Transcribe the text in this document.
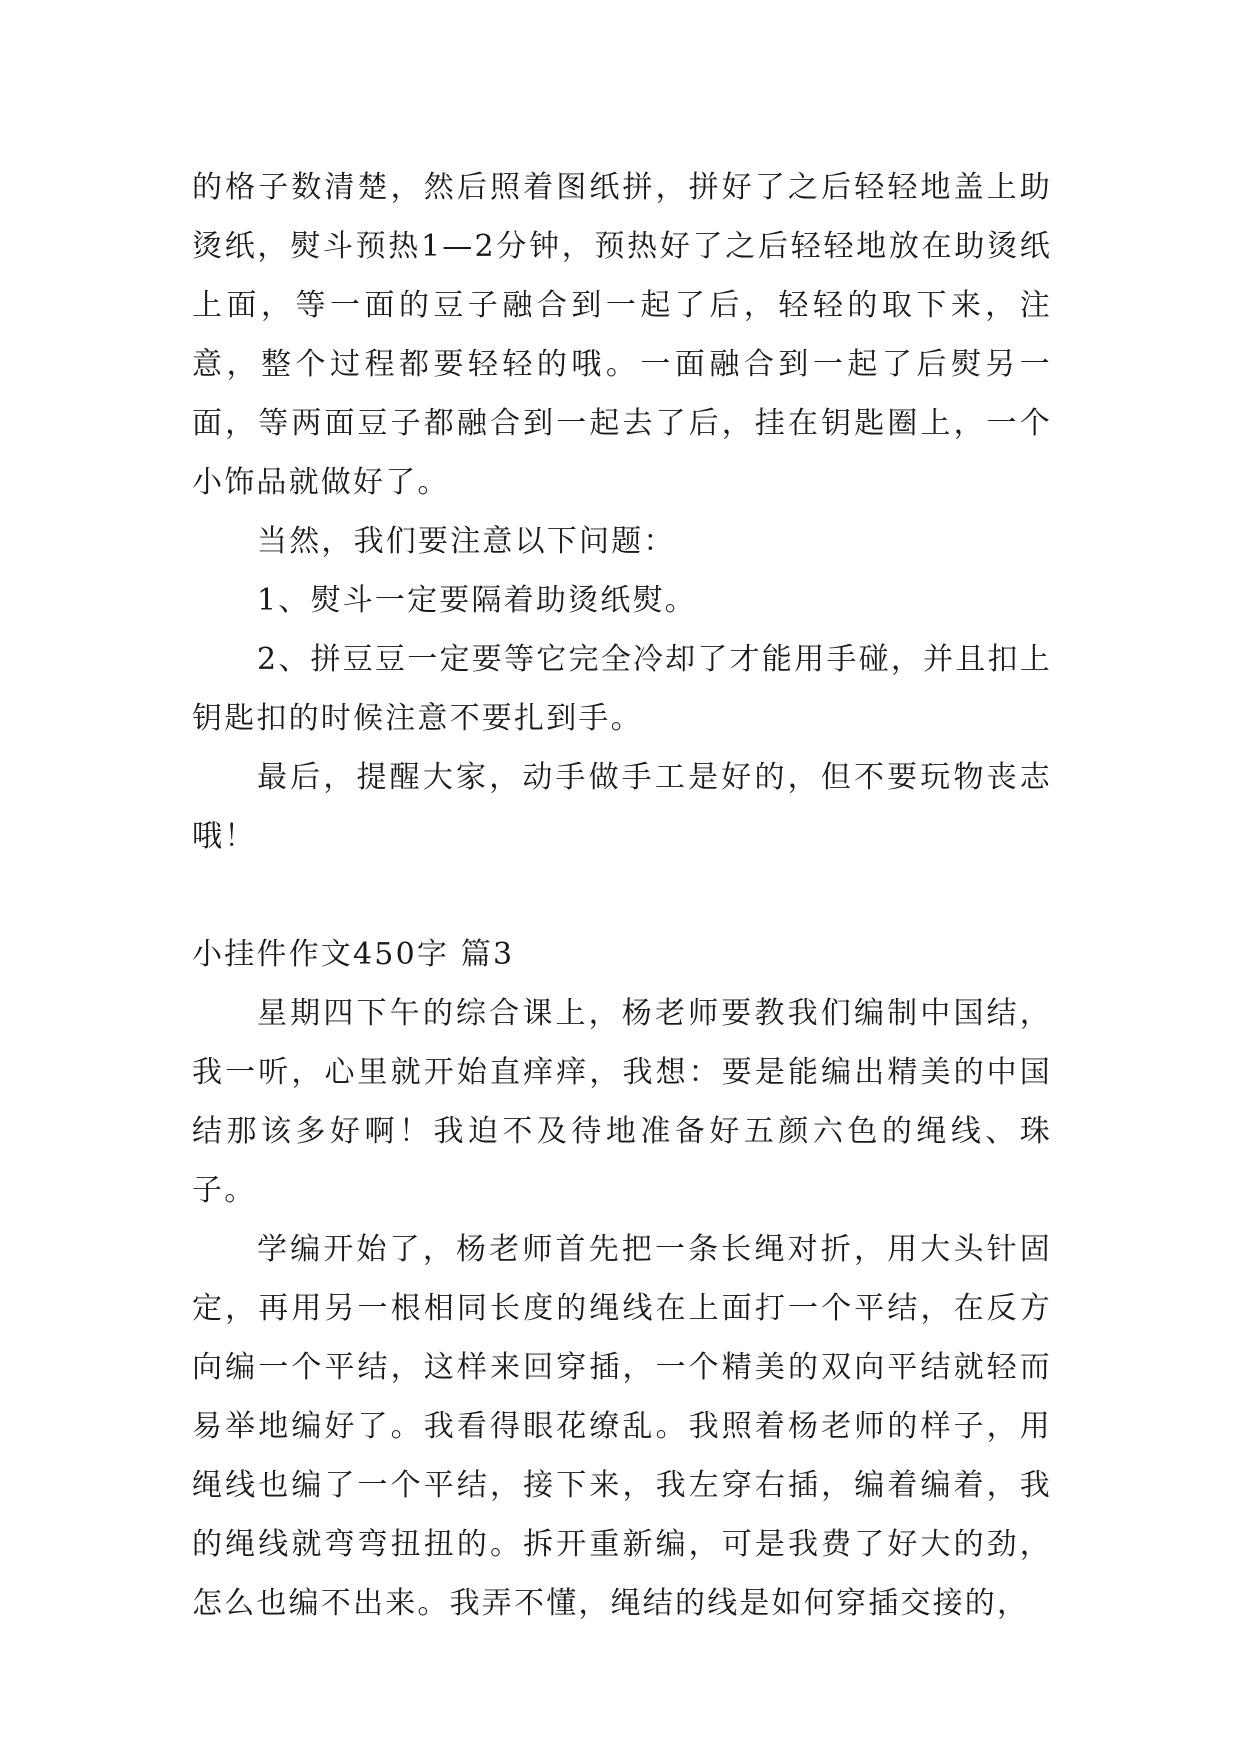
的格子数清楚，然后照着图纸拼，拼好了之后轻轻地盖上助烫纸，熨斗预热1—2分钟，预热好了之后轻轻地放在助烫纸上面，等一面的豆子融合到一起了后，轻轻的取下来，注意，整个过程都要轻轻的哦。一面融合到一起了后熨另一面，等两面豆子都融合到一起去了后，挂在钥匙圈上，一个小饰品就做好了。

当然，我们要注意以下问题：

1、熨斗一定要隔着助烫纸熨。

2、拼豆豆一定要等它完全冷却了才能用手碰，并且扣上钥匙扣的时候注意不要扎到手。

最后，提醒大家，动手做手工是好的，但不要玩物丧志哦！

小挂件作文450字 篇3

星期四下午的综合课上，杨老师要教我们编制中国结，我一听，心里就开始直痒痒，我想：要是能编出精美的中国结那该多好啊！我迫不及待地准备好五颜六色的绳线、珠子。

学编开始了，杨老师首先把一条长绳对折，用大头针固定，再用另一根相同长度的绳线在上面打一个平结，在反方向编一个平结，这样来回穿插，一个精美的双向平结就轻而易举地编好了。我看得眼花缭乱。我照着杨老师的样子，用绳线也编了一个平结，接下来，我左穿右插，编着编着，我的绳线就弯弯扭扭的。拆开重新编，可是我费了好大的劲，怎么也编不出来。我弄不懂，绳结的线是如何穿插交接的，
